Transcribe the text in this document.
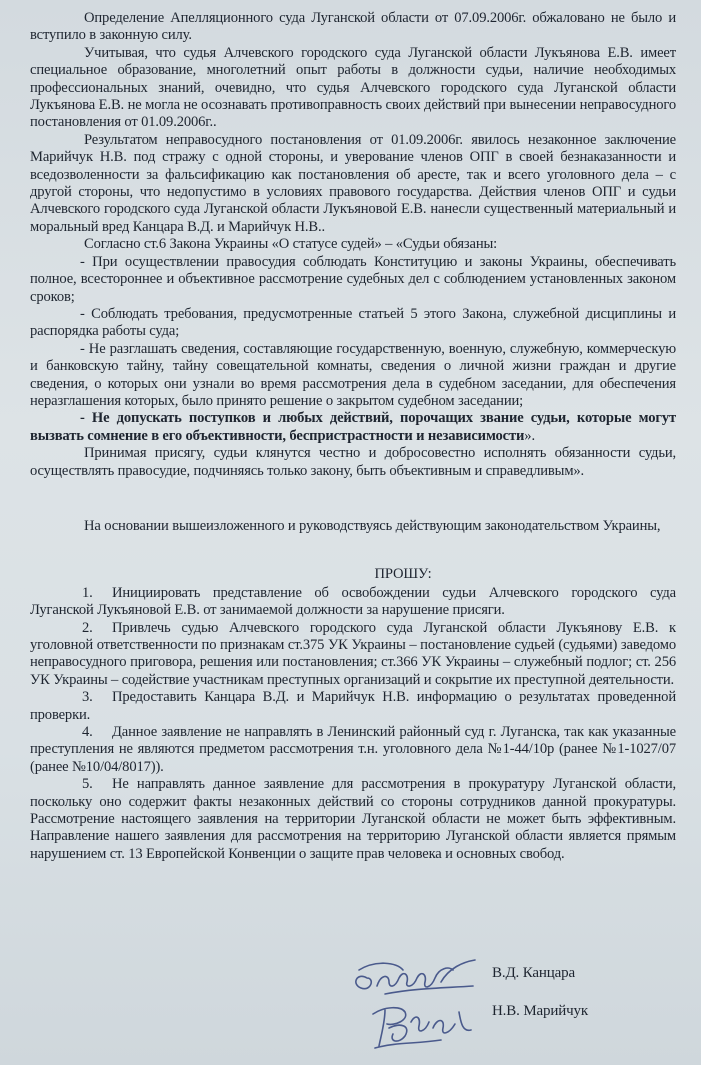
Определение Апелляционного суда Луганской области от 07.09.2006г. обжаловано не было и вступило в законную силу.

Учитывая, что судья Алчевского городского суда Луганской области Лукъянова Е.В. имеет специальное образование, многолетний опыт работы в должности судьи, наличие необходимых профессиональных знаний, очевидно, что судья Алчевского городского суда Луганской области Лукъянова Е.В. не могла не осознавать противоправность своих действий при вынесении неправосудного постановления от 01.09.2006г..

Результатом неправосудного постановления от 01.09.2006г. явилось незаконное заключение Марийчук Н.В. под стражу с одной стороны, и уверование членов ОПГ в своей безнаказанности и вседозволенности за фальсификацию как постановления об аресте, так и всего уголовного дела – с другой стороны, что недопустимо в условиях правового государства. Действия членов ОПГ и судьи Алчевского городского суда Луганской области Лукъяновой Е.В. нанесли существенный материальный и моральный вред Канцара В.Д. и Марийчук Н.В..

Согласно ст.6 Закона Украины «О статусе судей» – «Судьи обязаны:

- При осуществлении правосудия соблюдать Конституцию и законы Украины, обеспечивать полное, всестороннее и объективное рассмотрение судебных дел с соблюдением установленных законом сроков;

- Соблюдать требования, предусмотренные статьей 5 этого Закона, служебной дисциплины и распорядка работы суда;

- Не разглашать сведения, составляющие государственную, военную, служебную, коммерческую и банковскую тайну, тайну совещательной комнаты, сведения о личной жизни граждан и другие сведения, о которых они узнали во время рассмотрения дела в судебном заседании, для обеспечения неразглашения которых, было принято решение о закрытом судебном заседании;

- Не допускать поступков и любых действий, порочащих звание судьи, которые могут вызвать сомнение в его объективности, беспристрастности и независимости».

Принимая присягу, судьи клянутся честно и добросовестно исполнять обязанности судьи, осуществлять правосудие, подчиняясь только закону, быть объективным и справедливым».

На основании вышеизложенного и руководствуясь действующим законодательством Украины,

ПРОШУ:

1. Инициировать представление об освобождении судьи Алчевского городского суда Луганской Лукъяновой Е.В. от занимаемой должности за нарушение присяги.

2. Привлечь судью Алчевского городского суда Луганской области Лукъянову Е.В. к уголовной ответственности по признакам ст.375 УК Украины – постановление судьей (судьями) заведомо неправосудного приговора, решения или постановления; ст.366 УК Украины – служебный подлог; ст. 256 УК Украины – содействие участникам преступных организаций и сокрытие их преступной деятельности.

3. Предоставить Канцара В.Д. и Марийчук Н.В. информацию о результатах проведенной проверки.

4. Данное заявление не направлять в Ленинский районный суд г. Луганска, так как указанные преступления не являются предметом рассмотрения т.н. уголовного дела №1-44/10р (ранее №1-1027/07 (ранее №10/04/8017)).

5. Не направлять данное заявление для рассмотрения в прокуратуру Луганской области, поскольку оно содержит факты незаконных действий со стороны сотрудников данной прокуратуры. Рассмотрение настоящего заявления на территории Луганской области не может быть эффективным. Направление нашего заявления для рассмотрения на территорию Луганской области является прямым нарушением ст. 13 Европейской Конвенции о защите прав человека и основных свобод.

В.Д. Канцара
Н.В. Марийчук
